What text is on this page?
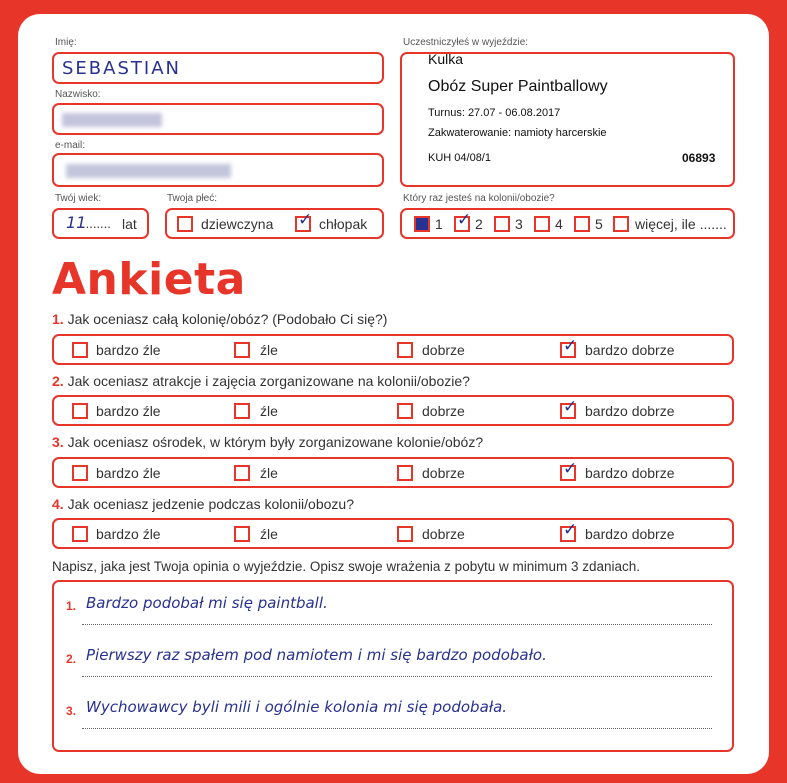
Imię:
SEBASTIAN
Nazwisko:
e-mail:
Twój wiek:
11
........ lat
Twoja płeć:
dziewczyna ✓ chłopak
Uczestniczyłeś w wyjeździe:
Kulka
Obóz Super Paintballowy
Turnus: 27.07 - 06.08.2017
Zakwaterowanie: namioty harcerskie
KUH 04/08/1	06893
Który raz jesteś na kolonii/obozie?
1 ✓ 2 3 4 5 więcej, ile .......
Ankieta
1. Jak oceniasz całą kolonię/obóz? (Podobało Ci się?)
bardzo źle	źle	dobrze	✓ bardzo dobrze
2. Jak oceniasz atrakcje i zajęcia zorganizowane na kolonii/obozie?
bardzo źle	źle	dobrze	✓ bardzo dobrze
3. Jak oceniasz ośrodek, w którym były zorganizowane kolonie/obóz?
bardzo źle	źle	dobrze	✓ bardzo dobrze
4. Jak oceniasz jedzenie podczas kolonii/obozu?
bardzo źle	źle	dobrze	✓ bardzo dobrze
Napisz, jaka jest Twoja opinia o wyjeździe. Opisz swoje wrażenia z pobytu w minimum 3 zdaniach.
1. Bardzo podobał mi się paintball.
2. Pierwszy raz spałem pod namiotem i mi się bardzo podobało.
3. Wychowawcy byli mili i ogólnie kolonia mi się podobała.
